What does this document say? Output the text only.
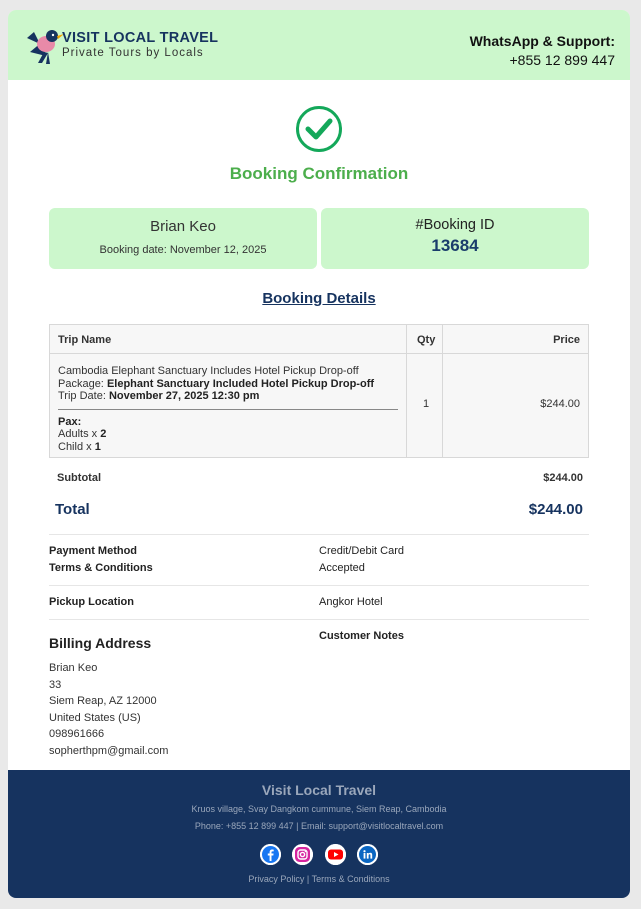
VISIT LOCAL TRAVEL
Private Tours by Locals
WhatsApp & Support:
+855 12 899 447
Booking Confirmation
Brian Keo
Booking date: November 12, 2025
#Booking ID
13684
Booking Details
Trip Name	Qty	Price
Cambodia Elephant Sanctuary Includes Hotel Pickup Drop-off
Package: Elephant Sanctuary Included Hotel Pickup Drop-off
Trip Date: November 27, 2025 12:30 pm
Pax:
Adults x 2
Child x 1
1	$244.00
Subtotal	$244.00
Total	$244.00
Payment Method	Credit/Debit Card
Terms & Conditions	Accepted
Pickup Location	Angkor Hotel
Billing Address
Brian Keo
33
Siem Reap, AZ 12000
United States (US)
098961666
sopherthpm@gmail.com
Customer Notes
Visit Local Travel
Kruos village, Svay Dangkom cummune, Siem Reap, Cambodia
Phone: +855 12 899 447 | Email: support@visitlocaltravel.com

Privacy Policy | Terms & Conditions
